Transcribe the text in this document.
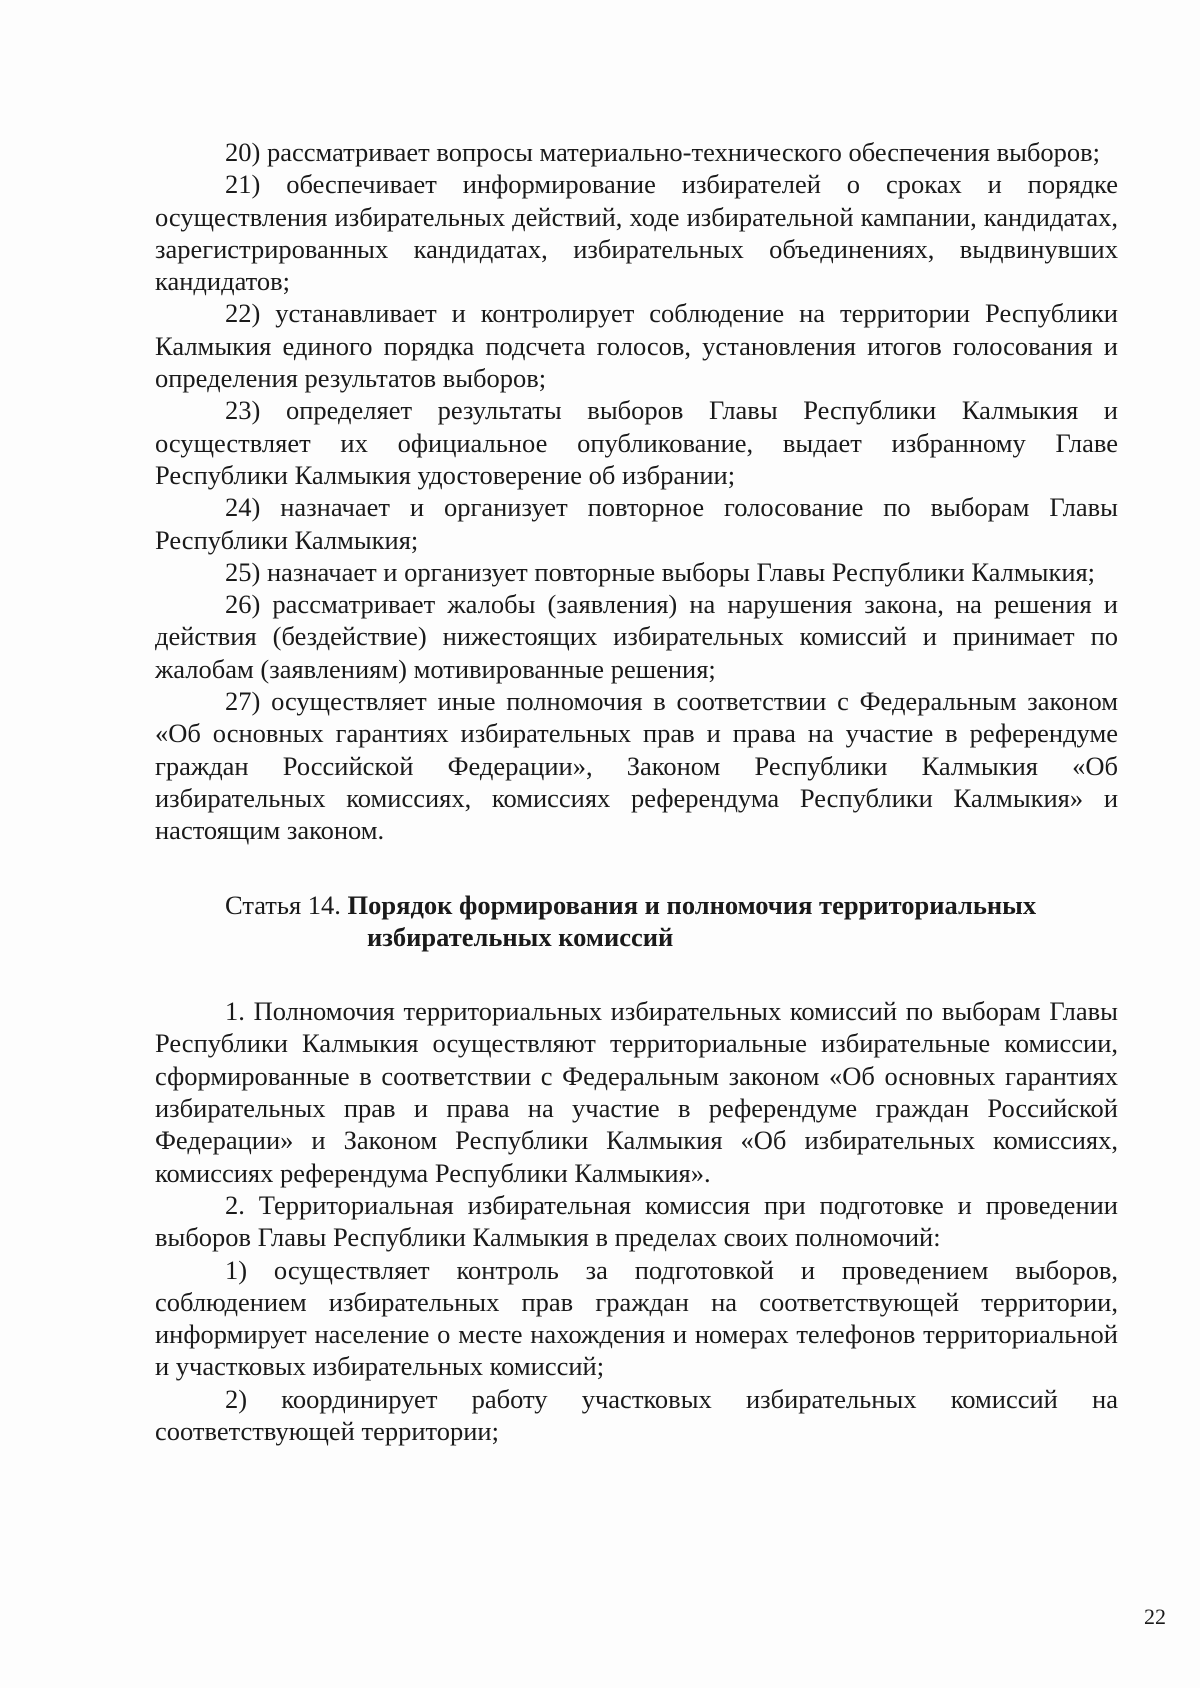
20) рассматривает вопросы материально-технического обеспечения выборов;

21) обеспечивает информирование избирателей о сроках и порядке осуществления избирательных действий, ходе избирательной кампании, кандидатах, зарегистрированных кандидатах, избирательных объединениях, выдвинувших кандидатов;

22) устанавливает и контролирует соблюдение на территории Республики Калмыкия единого порядка подсчета голосов, установления итогов голосования и определения результатов выборов;

23) определяет результаты выборов Главы Республики Калмыкия и осуществляет их официальное опубликование, выдает избранному Главе Республики Калмыкия удостоверение об избрании;

24) назначает и организует повторное голосование по выборам Главы Республики Калмыкия;

25) назначает и организует повторные выборы Главы Республики Калмыкия;

26) рассматривает жалобы (заявления) на нарушения закона, на решения и действия (бездействие) нижестоящих избирательных комиссий и принимает по жалобам (заявлениям) мотивированные решения;

27) осуществляет иные полномочия в соответствии с Федеральным законом «Об основных гарантиях избирательных прав и права на участие в референдуме граждан Российской Федерации», Законом Республики Калмыкия «Об избирательных комиссиях, комиссиях референдума Республики Калмыкия» и настоящим законом.

Статья 14. Порядок формирования и полномочия территориальных
избирательных комиссий

1. Полномочия территориальных избирательных комиссий по выборам Главы Республики Калмыкия осуществляют территориальные избирательные комиссии, сформированные в соответствии с Федеральным законом «Об основных гарантиях избирательных прав и права на участие в референдуме граждан Российской Федерации» и Законом Республики Калмыкия «Об избирательных комиссиях, комиссиях референдума Республики Калмыкия».

2. Территориальная избирательная комиссия при подготовке и проведении выборов Главы Республики Калмыкия в пределах своих полномочий:

1) осуществляет контроль за подготовкой и проведением выборов, соблюдением избирательных прав граждан на соответствующей территории, информирует население о месте нахождения и номерах телефонов территориальной и участковых избирательных комиссий;

2) координирует работу участковых избирательных комиссий на соответствующей территории;

22
